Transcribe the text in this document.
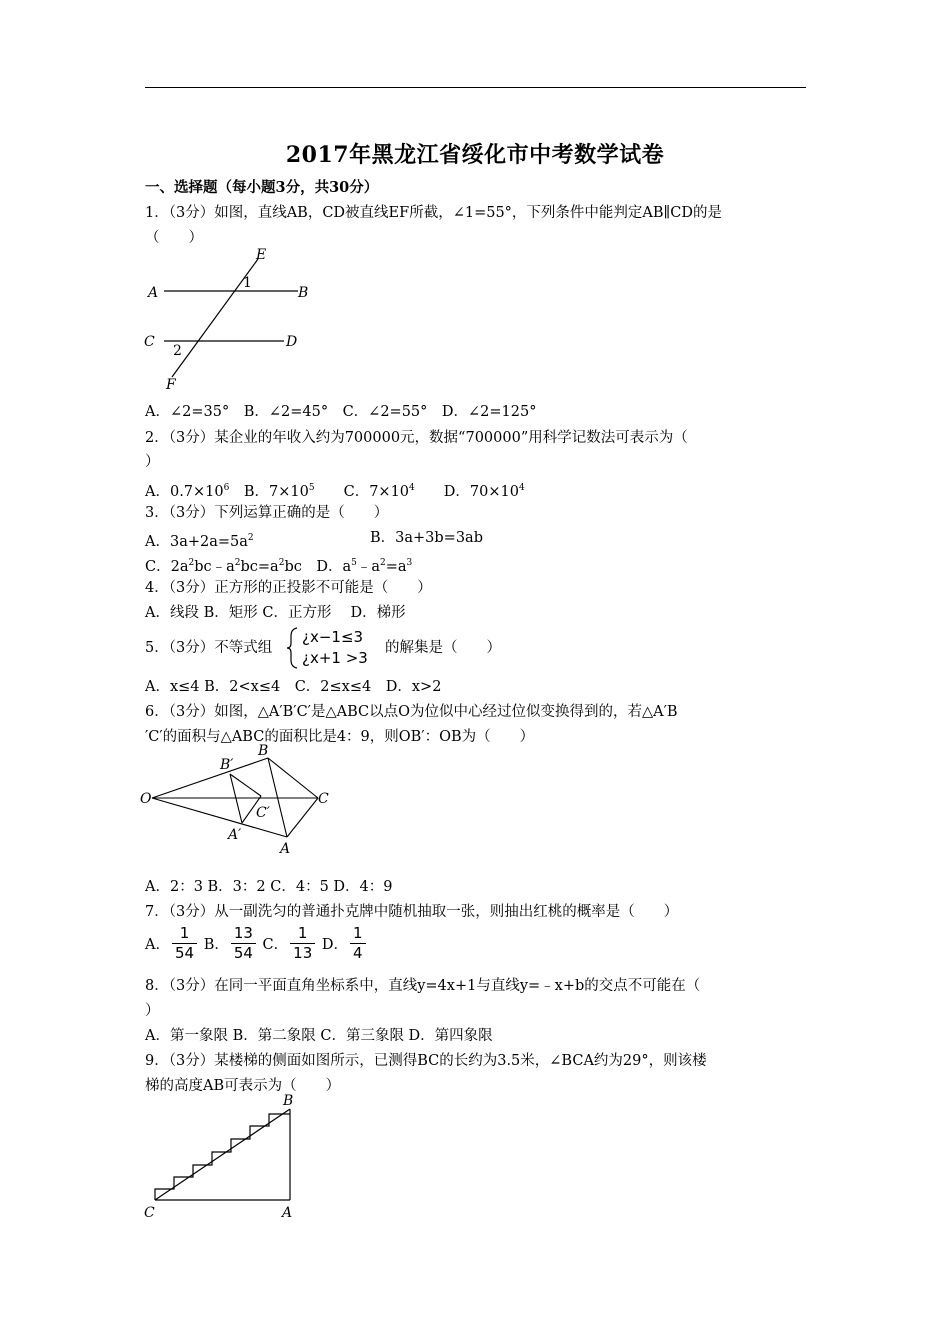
2017年黑龙江省绥化市中考数学试卷
一、选择题（每小题3分，共30分）
1．（3分）如图，直线AB，CD被直线EF所截，∠1=55°，下列条件中能判定AB∥CD的是
（　　）
A	B
C	D
E
F
1
2
A．∠2=35°　B．∠2=45°　C．∠2=55°　D．∠2=125°
2．（3分）某企业的年收入约为700000元，数据“700000”用科学记数法可表示为（
）
A．$0.7\times 10^6$　B．$7\times 10^5$　　C．$7\times 10^4$　　D．$70\times 10^4$
3．（3分）下列运算正确的是（　　）
A．$3a+2a=5a^2$	B．3a+3b=3ab
C．$2a^2bc﹣a^2bc=a^2bc$　D．$a^5﹣a^2=a^3$
4．（3分）正方形的正投影不可能是（　　）
A．线段 B．矩形 C．正方形　 D．梯形
5．（3分）不等式组
¿x−1≤3
¿x+1 >3
的解集是（　　）
A．x≤4 B．2<x≤4　C．2≤x≤4　D．x>2
6．（3分）如图，△A′B′C′是△ABC以点O为位似中心经过位似变换得到的，若△A′B
′C′的面积与△ABC的面积比是4：9，则OB′：OB为（　　）
O
A
B
C
A′
B′
C′
A．2：3 B．3：2 C．4：5 D．4：9
7．（3分）从一副洗匀的普通扑克牌中随机抽取一张，则抽出红桃的概率是（　　）
A． $\frac{1}{54}$ B． $\frac{13}{54}$ C． $\frac{1}{13}$ D． $\frac{1}{4}$
8．（3分）在同一平面直角坐标系中，直线y=4x+1与直线y=﹣x+b的交点不可能在（
）
A．第一象限 B．第二象限 C．第三象限 D．第四象限
9．（3分）某楼梯的侧面如图所示，已测得BC的长约为3.5米，∠BCA约为29°，则该楼
梯的高度AB可表示为（　　）
C	A
B
